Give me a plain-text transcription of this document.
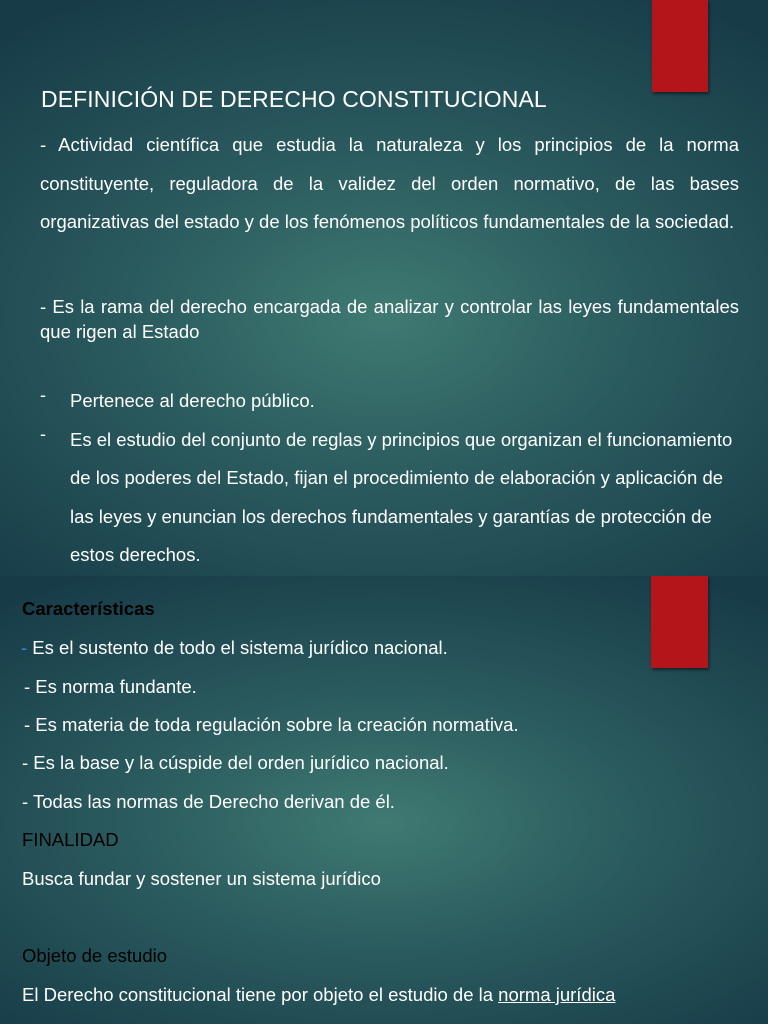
DEFINICIÓN DE DERECHO CONSTITUCIONAL

- Actividad científica que estudia la naturaleza y los principios de la norma constituyente, reguladora de la validez del orden normativo, de las bases organizativas del estado y de los fenómenos políticos fundamentales de la sociedad.

- Es la rama del derecho encargada de analizar y controlar las leyes fundamentales que rigen al Estado

- Pertenece al derecho público.
- Es el estudio del conjunto de reglas y principios que organizan el funcionamiento de los poderes del Estado, fijan el procedimiento de elaboración y aplicación de las leyes y enuncian los derechos fundamentales y garantías de protección de estos derechos.

Características

- Es el sustento de todo el sistema jurídico nacional.

- Es norma fundante.

- Es materia de toda regulación sobre la creación normativa.

- Es la base y la cúspide del orden jurídico nacional.

- Todas las normas de Derecho derivan de él.

FINALIDAD

Busca fundar y sostener un sistema jurídico

Objeto de estudio

El Derecho constitucional tiene por objeto el estudio de la norma jurídica
